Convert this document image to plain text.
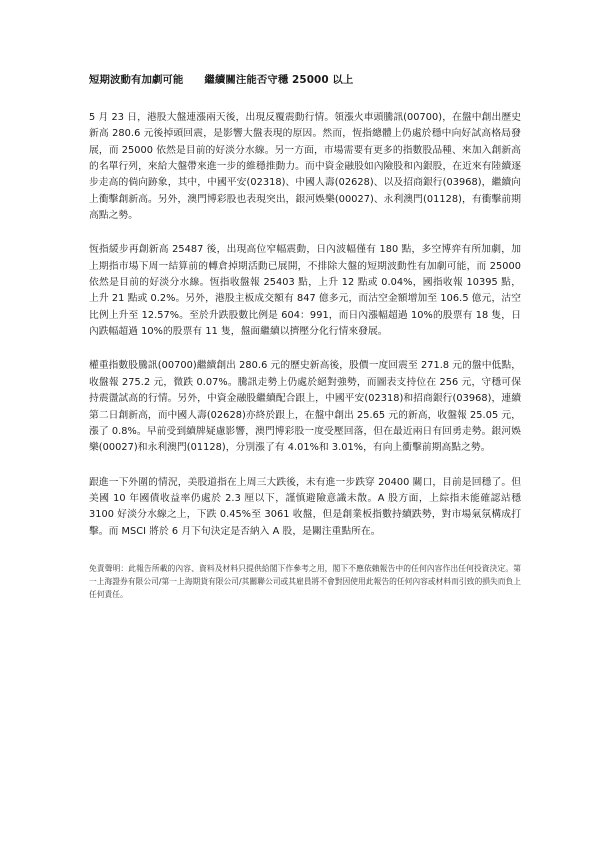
短期波動有加劇可能　　繼續關注能否守穩 25000 以上

5 月 23 日，港股大盤連漲兩天後，出現反覆震動行情。領漲火車頭騰訊(00700)，在盤中創出歷史新高 280.6 元後掉頭回震，是影響大盤表現的原因。然而，恆指總體上仍處於穩中向好試高格局發展，而 25000 依然是目前的好淡分水線。另一方面，市場需要有更多的指數股品種、來加入創新高的名單行列，來給大盤帶來進一步的維穩推動力。而中資金融股如內險股和內銀股，在近來有陸續逐步走高的倘向跡象，其中，中國平安(02318)、中國人壽(02628)、以及招商銀行(03968)，繼續向上衝擊創新高。另外，澳門博彩股也表現突出，銀河娛樂(00027)、永利澳門(01128)，有衝擊前期高點之勢。

恆指緩步再創新高 25487 後，出現高位窄幅震動，日內波幅僅有 180 點，多空博弈有所加劇，加上期指市場下周一結算前的轉倉掉期活動已展開，不排除大盤的短期波動性有加劇可能，而 25000 依然是目前的好淡分水線。恆指收盤報 25403 點，上升 12 點或 0.04%，國指收報 10395 點，上升 21 點或 0.2%。另外，港股主板成交額有 847 億多元，而沽空金額增加至 106.5 億元，沽空比例上升至 12.57%。至於升跌股數比例是 604：991，而日內漲幅超過 10%的股票有 18 隻，日內跌幅超過 10%的股票有 11 隻，盤面繼續以擠壓分化行情來發展。

權重指數股騰訊(00700)繼續創出 280.6 元的歷史新高後，股價一度回震至 271.8 元的盤中低點，收盤報 275.2 元，微跌 0.07%。騰訊走勢上仍處於絕對強勢，而圖表支持位在 256 元，守穩可保持震盪試高的行情。另外，中資金融股繼續配合跟上，中國平安(02318)和招商銀行(03968)，連續第二日創新高，而中國人壽(02628)亦終於跟上，在盤中創出 25.65 元的新高，收盤報 25.05 元，漲了 0.8%。早前受到續牌疑慮影響，澳門博彩股一度受壓回落，但在最近兩日有回勇走勢。銀河娛樂(00027)和永利澳門(01128)，分別漲了有 4.01%和 3.01%，有向上衝擊前期高點之勢。

跟進一下外圍的情況，美股道指在上周三大跌後，未有進一步跌穿 20400 關口，目前是回穩了。但美國 10 年國債收益率仍處於 2.3 厘以下，謹慎避險意識未散。A 股方面，上綜指未能確認站穩 3100 好淡分水線之上，下跌 0.45%至 3061 收盤，但是創業板指數持續跌勢，對市場氣氛構成打擊。而 MSCI 將於 6 月下旬決定是否納入 A 股，是關注重點所在。

免責聲明：此報告所載的內容、資料及材料只提供給閣下作參考之用，閣下不應依賴報告中的任何內容作出任何投資決定。第一上海證券有限公司/第一上海期貨有限公司/其關聯公司或其雇員將不會對因使用此報告的任何內容或材料而引致的損失而負上任何責任。
